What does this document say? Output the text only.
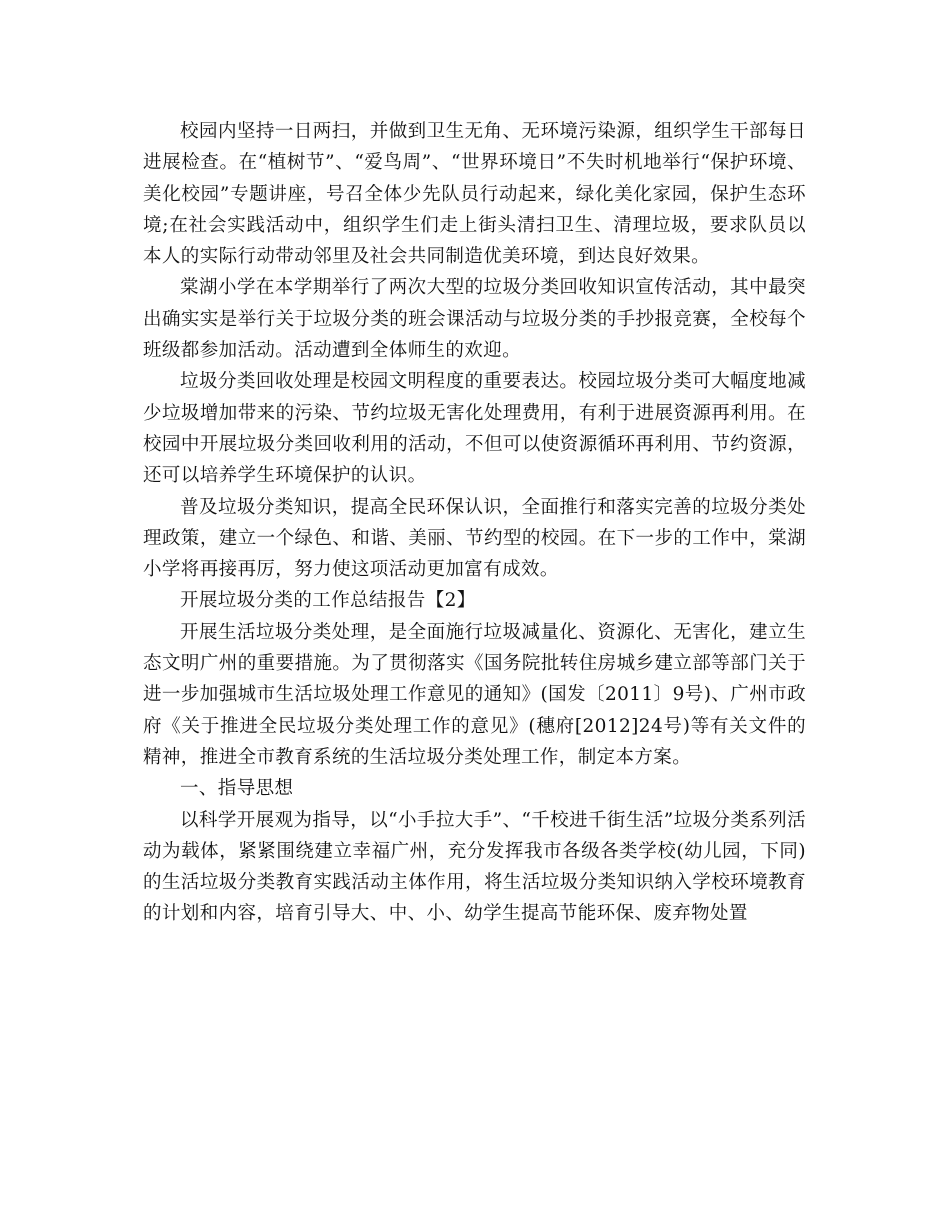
校园内坚持一日两扫，并做到卫生无角、无环境污染源，组织学生干部每日进展检查。在“植树节”、“爱鸟周”、“世界环境日”不失时机地举行“保护环境、美化校园”专题讲座，号召全体少先队员行动起来，绿化美化家园，保护生态环境;在社会实践活动中，组织学生们走上街头清扫卫生、清理垃圾，要求队员以本人的实际行动带动邻里及社会共同制造优美环境，到达良好效果。

棠湖小学在本学期举行了两次大型的垃圾分类回收知识宣传活动，其中最突出确实实是举行关于垃圾分类的班会课活动与垃圾分类的手抄报竞赛，全校每个班级都参加活动。活动遭到全体师生的欢迎。

垃圾分类回收处理是校园文明程度的重要表达。校园垃圾分类可大幅度地减少垃圾增加带来的污染、节约垃圾无害化处理费用，有利于进展资源再利用。在校园中开展垃圾分类回收利用的活动，不但可以使资源循环再利用、节约资源，还可以培养学生环境保护的认识。

普及垃圾分类知识，提高全民环保认识，全面推行和落实完善的垃圾分类处理政策，建立一个绿色、和谐、美丽、节约型的校园。在下一步的工作中，棠湖小学将再接再厉，努力使这项活动更加富有成效。

开展垃圾分类的工作总结报告【2】

开展生活垃圾分类处理，是全面施行垃圾减量化、资源化、无害化，建立生态文明广州的重要措施。为了贯彻落实《国务院批转住房城乡建立部等部门关于进一步加强城市生活垃圾处理工作意见的通知》(国发〔2011〕9号)、广州市政府《关于推进全民垃圾分类处理工作的意见》(穗府[2012]24号)等有关文件的精神，推进全市教育系统的生活垃圾分类处理工作，制定本方案。

一、指导思想

以科学开展观为指导，以“小手拉大手”、“千校进千街生活”垃圾分类系列活动为载体，紧紧围绕建立幸福广州，充分发挥我市各级各类学校(幼儿园，下同)的生活垃圾分类教育实践活动主体作用，将生活垃圾分类知识纳入学校环境教育的计划和内容，培育引导大、中、小、幼学生提高节能环保、废弃物处置
